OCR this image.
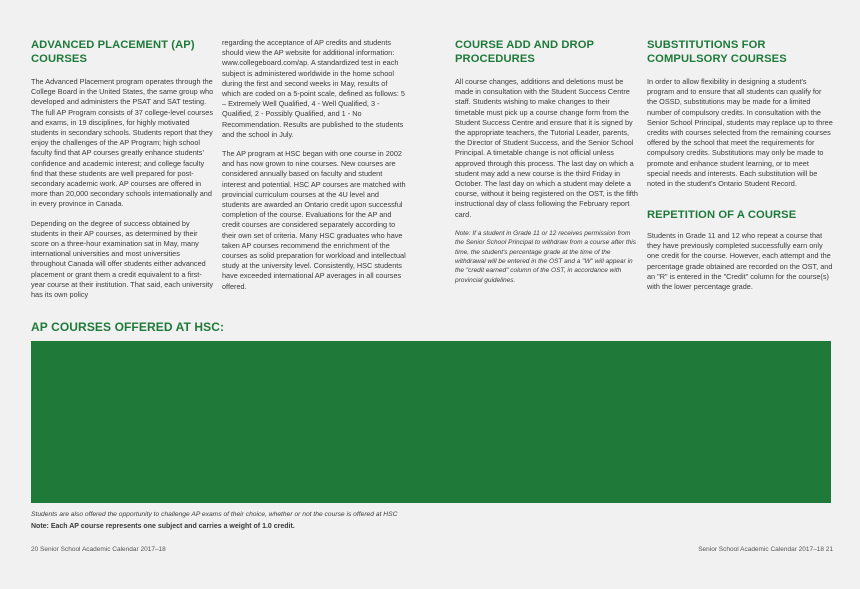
ADVANCED PLACEMENT (AP) COURSES

The Advanced Placement program operates through the College Board in the United States, the same group who developed and administers the PSAT and SAT testing. The full AP Program consists of 37 college-level courses and exams, in 19 disciplines, for highly motivated students in secondary schools. Students report that they enjoy the challenges of the AP Program; high school faculty find that AP courses greatly enhance students' confidence and academic interest; and college faculty find that these students are well prepared for post-secondary academic work. AP courses are offered in more than 20,000 secondary schools internationally and in every province in Canada.

Depending on the degree of success obtained by students in their AP courses, as determined by their score on a three-hour examination sat in May, many international universities and most universities throughout Canada will offer students either advanced placement or grant them a credit equivalent to a first-year course at their institution. That said, each university has its own policy

regarding the acceptance of AP credits and students should view the AP website for additional information: www.collegeboard.com/ap. A standardized test in each subject is administered worldwide in the home school during the first and second weeks in May, results of which are coded on a 5-point scale, defined as follows: 5 – Extremely Well Qualified, 4 - Well Qualified, 3 - Qualified, 2 - Possibly Qualified, and 1 - No Recommendation. Results are published to the students and the school in July.

The AP program at HSC began with one course in 2002 and has now grown to nine courses. New courses are considered annually based on faculty and student interest and potential. HSC AP courses are matched with provincial curriculum courses at the 4U level and students are awarded an Ontario credit upon successful completion of the course. Evaluations for the AP and credit courses are considered separately according to their own set of criteria. Many HSC graduates who have taken AP courses recommend the enrichment of the courses as solid preparation for workload and intellectual study at the university level. Consistently, HSC students have exceeded international AP averages in all courses offered.

COURSE ADD AND DROP PROCEDURES

All course changes, additions and deletions must be made in consultation with the Student Success Centre staff. Students wishing to make changes to their timetable must pick up a course change form from the Student Success Centre and ensure that it is signed by the appropriate teachers, the Tutorial Leader, parents, the Director of Student Success, and the Senior School Principal. A timetable change is not official unless approved through this process. The last day on which a student may add a new course is the third Friday in October. The last day on which a student may delete a course, without it being registered on the OST, is the fifth instructional day of class following the February report card.

Note: If a student in Grade 11 or 12 receives permission from the Senior School Principal to withdraw from a course after this time, the student's percentage grade at the time of the withdrawal will be entered in the OST and a "W" will appear in the "credit earned" column of the OST, in accordance with provincial guidelines.

SUBSTITUTIONS FOR COMPULSORY COURSES

In order to allow flexibility in designing a student's program and to ensure that all students can qualify for the OSSD, substitutions may be made for a limited number of compulsory credits. In consultation with the Senior School Principal, students may replace up to three credits with courses selected from the remaining courses offered by the school that meet the requirements for compulsory credits. Substitutions may only be made to promote and enhance student learning, or to meet special needs and interests. Each substitution will be noted in the student's Ontario Student Record.

REPETITION OF A COURSE

Students in Grade 11 and 12 who repeat a course that they have previously completed successfully earn only one credit for the course. However, each attempt and the percentage grade obtained are recorded on the OST, and an "R" is entered in the "Credit" column for the course(s) with the lower percentage grade.

AP COURSES OFFERED AT HSC:
Students are also offered the opportunity to challenge AP exams of their choice, whether or not the course is offered at HSC
Note: Each AP course represents one subject and carries a weight of 1.0 credit.
20 Senior School Academic Calendar 2017–18	Senior School Academic Calendar 2017–18 21
